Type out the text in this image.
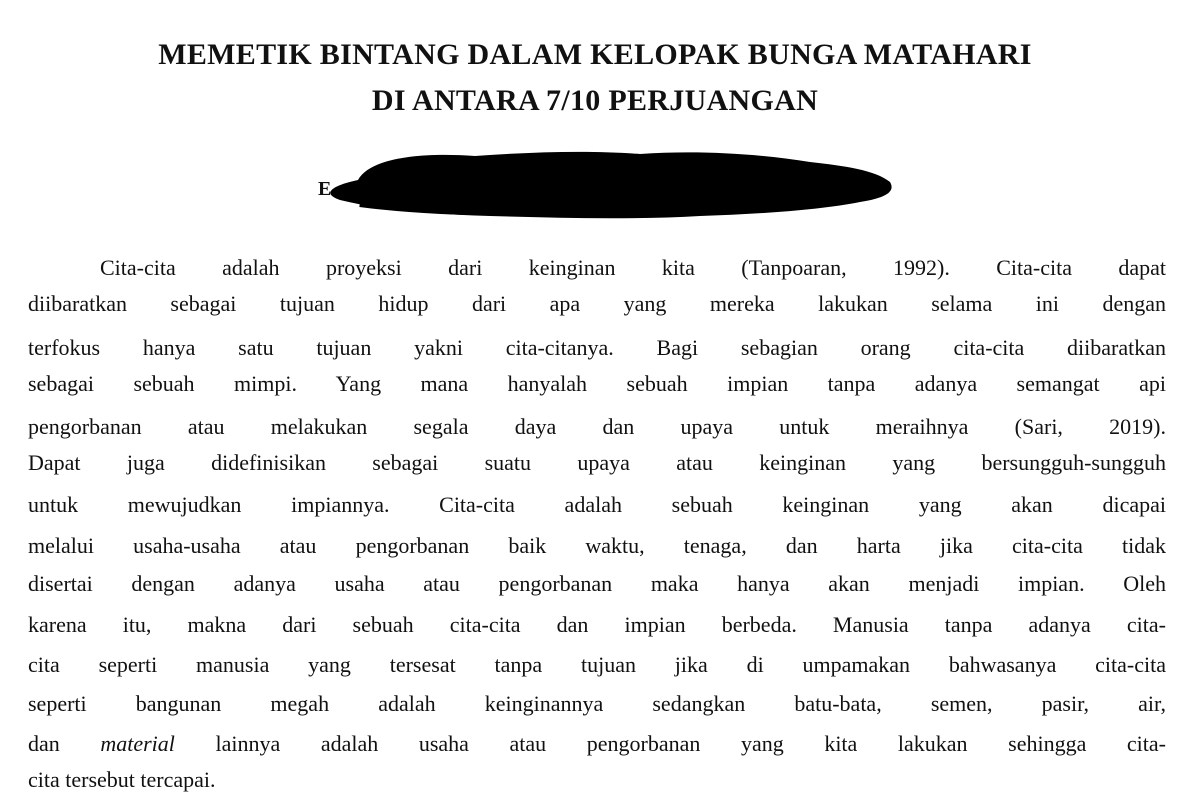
MEMETIK BINTANG DALAM KELOPAK BUNGA MATAHARI
DI ANTARA 7/10 PERJUANGAN
E
Cita-cita adalah proyeksi dari keinginan kita (Tanpoaran, 1992). Cita-cita dapat
diibaratkan sebagai tujuan hidup dari apa yang mereka lakukan selama ini dengan
terfokus hanya satu tujuan yakni cita-citanya. Bagi sebagian orang cita-cita diibaratkan
sebagai sebuah mimpi. Yang mana hanyalah sebuah impian tanpa adanya semangat api
pengorbanan atau melakukan segala daya dan upaya untuk meraihnya (Sari, 2019).
Dapat juga didefinisikan sebagai suatu upaya atau keinginan yang bersungguh-sungguh
untuk mewujudkan impiannya. Cita-cita adalah sebuah keinginan yang akan dicapai
melalui usaha-usaha atau pengorbanan baik waktu, tenaga, dan harta jika cita-cita tidak
disertai dengan adanya usaha atau pengorbanan maka hanya akan menjadi impian. Oleh
karena itu, makna dari sebuah cita-cita dan impian berbeda. Manusia tanpa adanya cita-
cita seperti manusia yang tersesat tanpa tujuan jika di umpamakan bahwasanya cita-cita
seperti bangunan megah adalah keinginannya sedangkan batu-bata, semen, pasir, air,
dan material lainnya adalah usaha atau pengorbanan yang kita lakukan sehingga cita-
cita tersebut tercapai.
